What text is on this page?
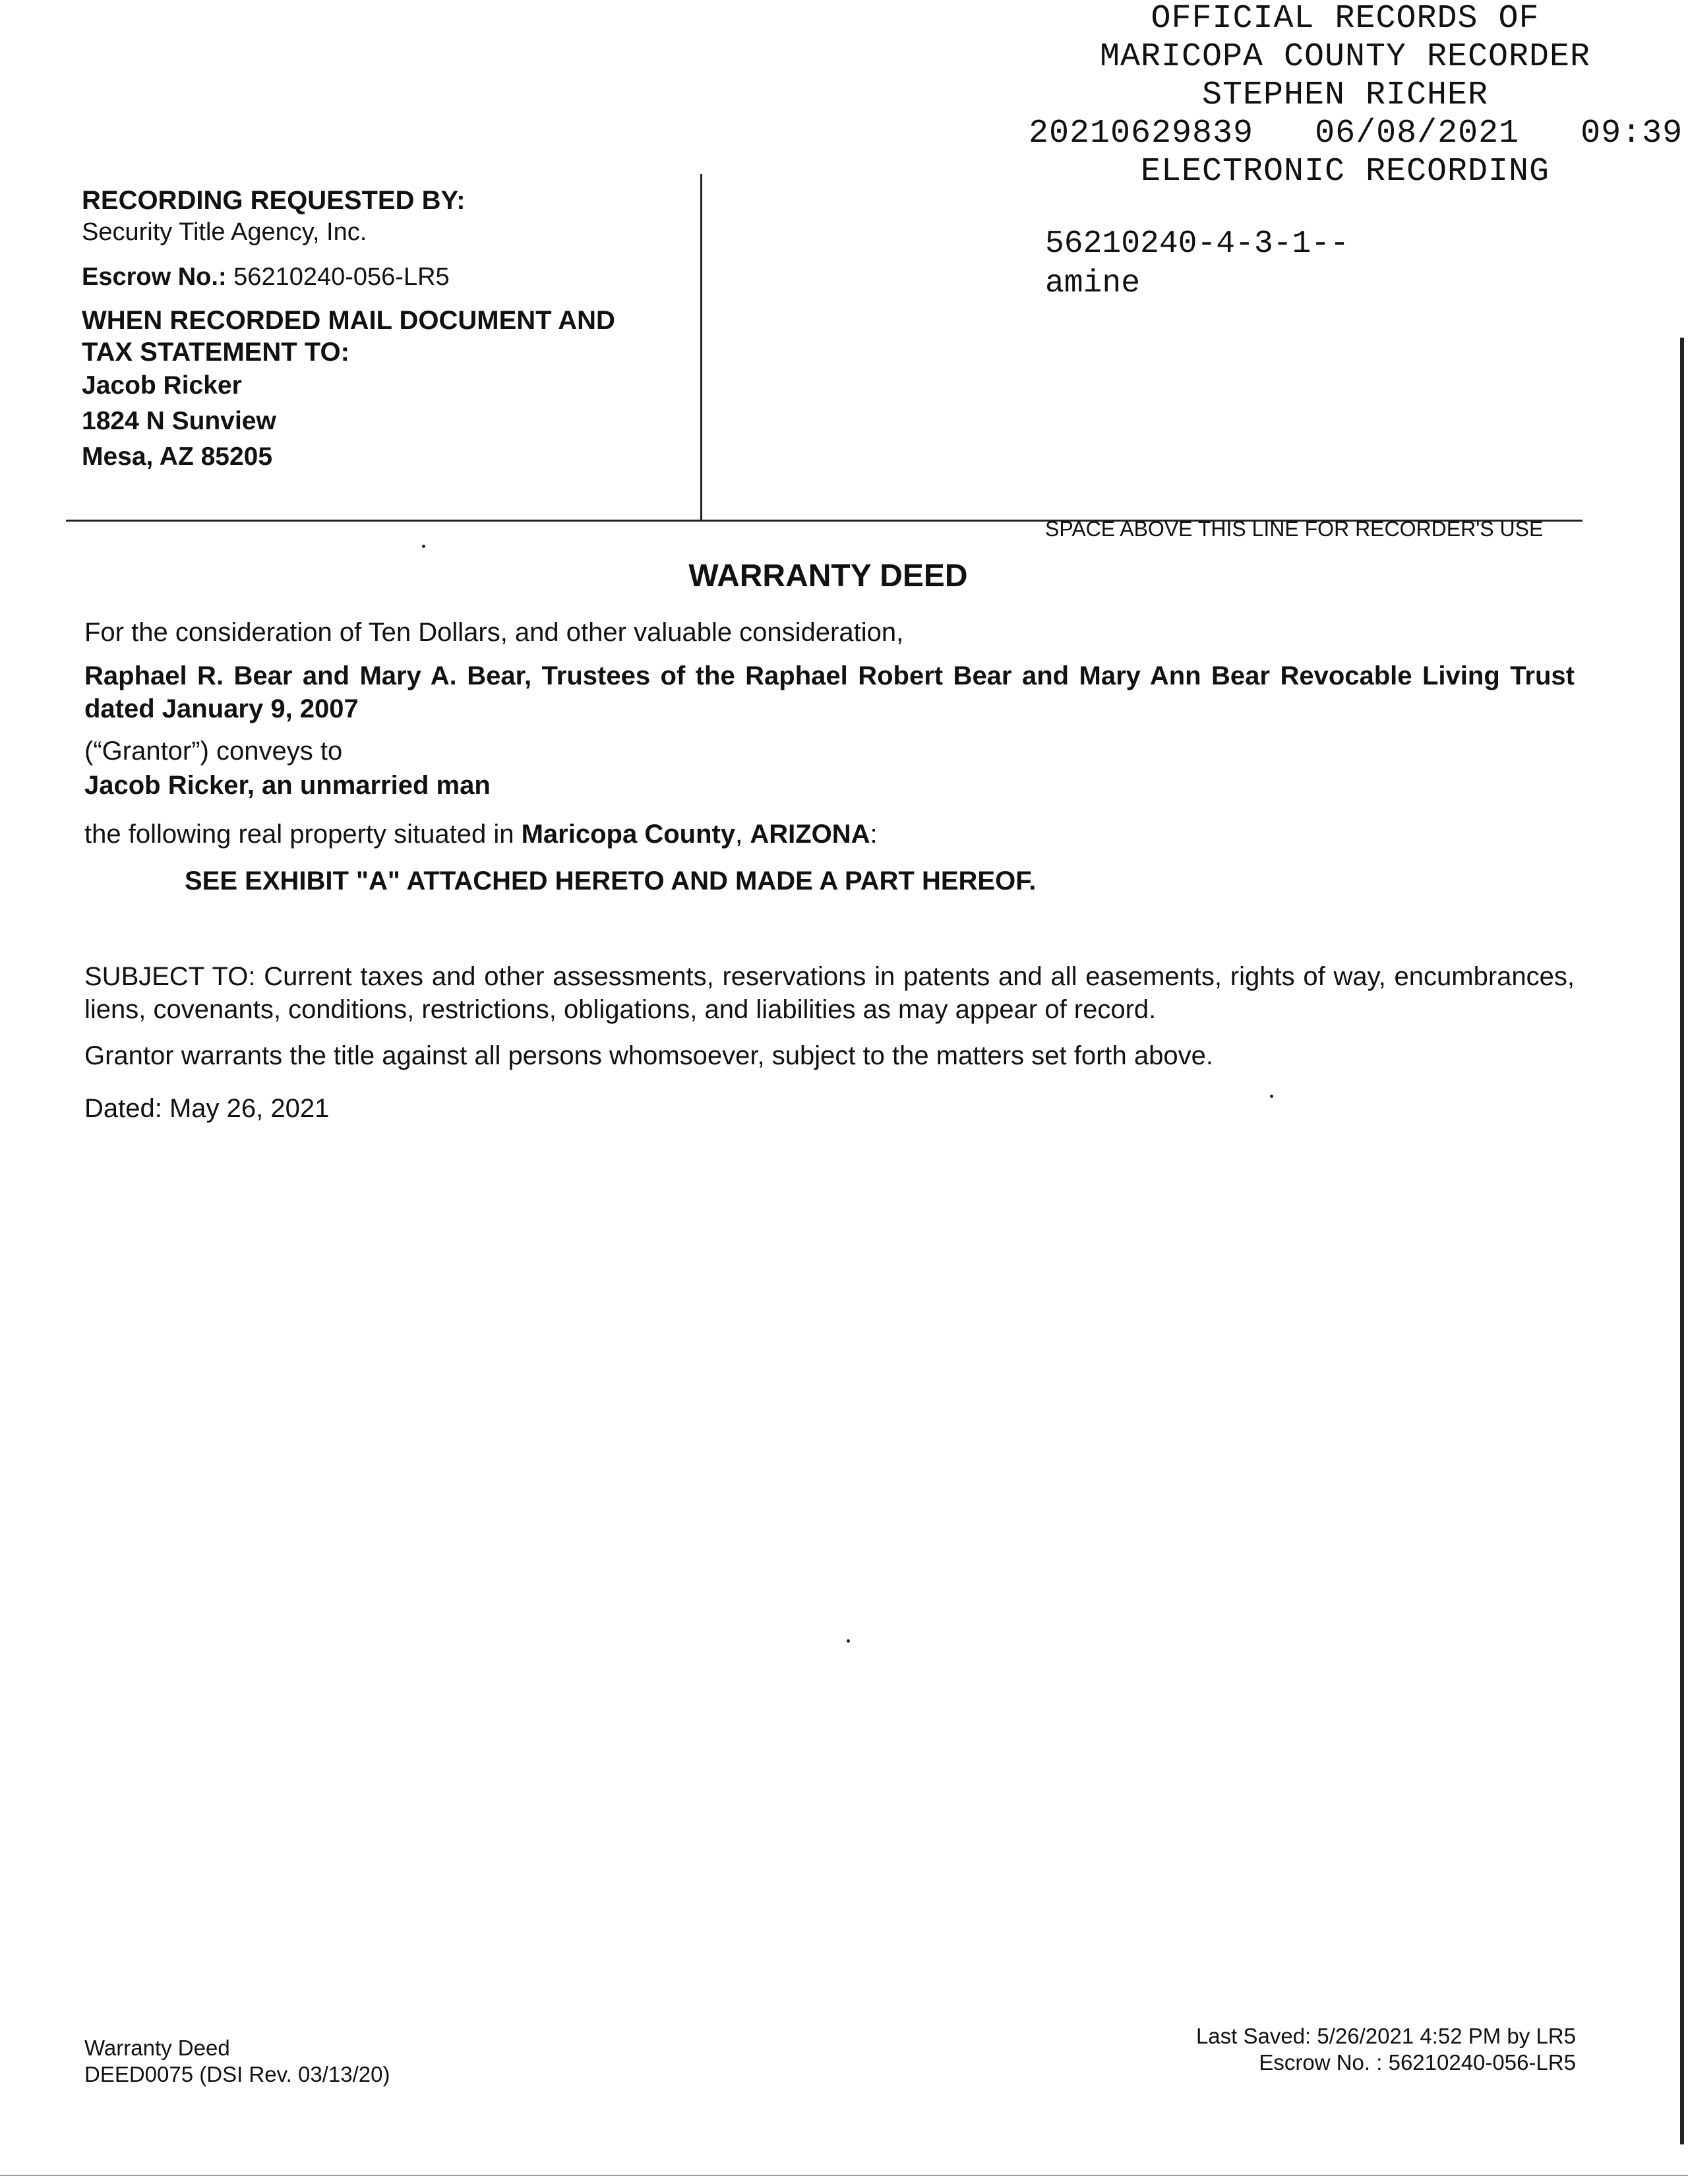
OFFICIAL RECORDS OF
MARICOPA COUNTY RECORDER
STEPHEN RICHER
20210629839   06/08/2021   09:39
ELECTRONIC RECORDING
56210240-4-3-1--
amine
RECORDING REQUESTED BY:
Security Title Agency, Inc.
Escrow No.: 56210240-056-LR5
WHEN RECORDED MAIL DOCUMENT AND
TAX STATEMENT TO:
Jacob Ricker
1824 N Sunview
Mesa, AZ 85205
SPACE ABOVE THIS LINE FOR RECORDER'S USE
WARRANTY DEED
For the consideration of Ten Dollars, and other valuable consideration,
Raphael R. Bear and Mary A. Bear, Trustees of the Raphael Robert Bear and Mary Ann Bear Revocable Living Trust dated January 9, 2007
(“Grantor”) conveys to
Jacob Ricker, an unmarried man
the following real property situated in Maricopa County, ARIZONA:
SEE EXHIBIT "A" ATTACHED HERETO AND MADE A PART HEREOF.
SUBJECT TO: Current taxes and other assessments, reservations in patents and all easements, rights of way, encumbrances, liens, covenants, conditions, restrictions, obligations, and liabilities as may appear of record.
Grantor warrants the title against all persons whomsoever, subject to the matters set forth above.
Dated: May 26, 2021
Warranty Deed
DEED0075 (DSI Rev. 03/13/20)
Last Saved: 5/26/2021 4:52 PM by LR5
Escrow No. : 56210240-056-LR5
